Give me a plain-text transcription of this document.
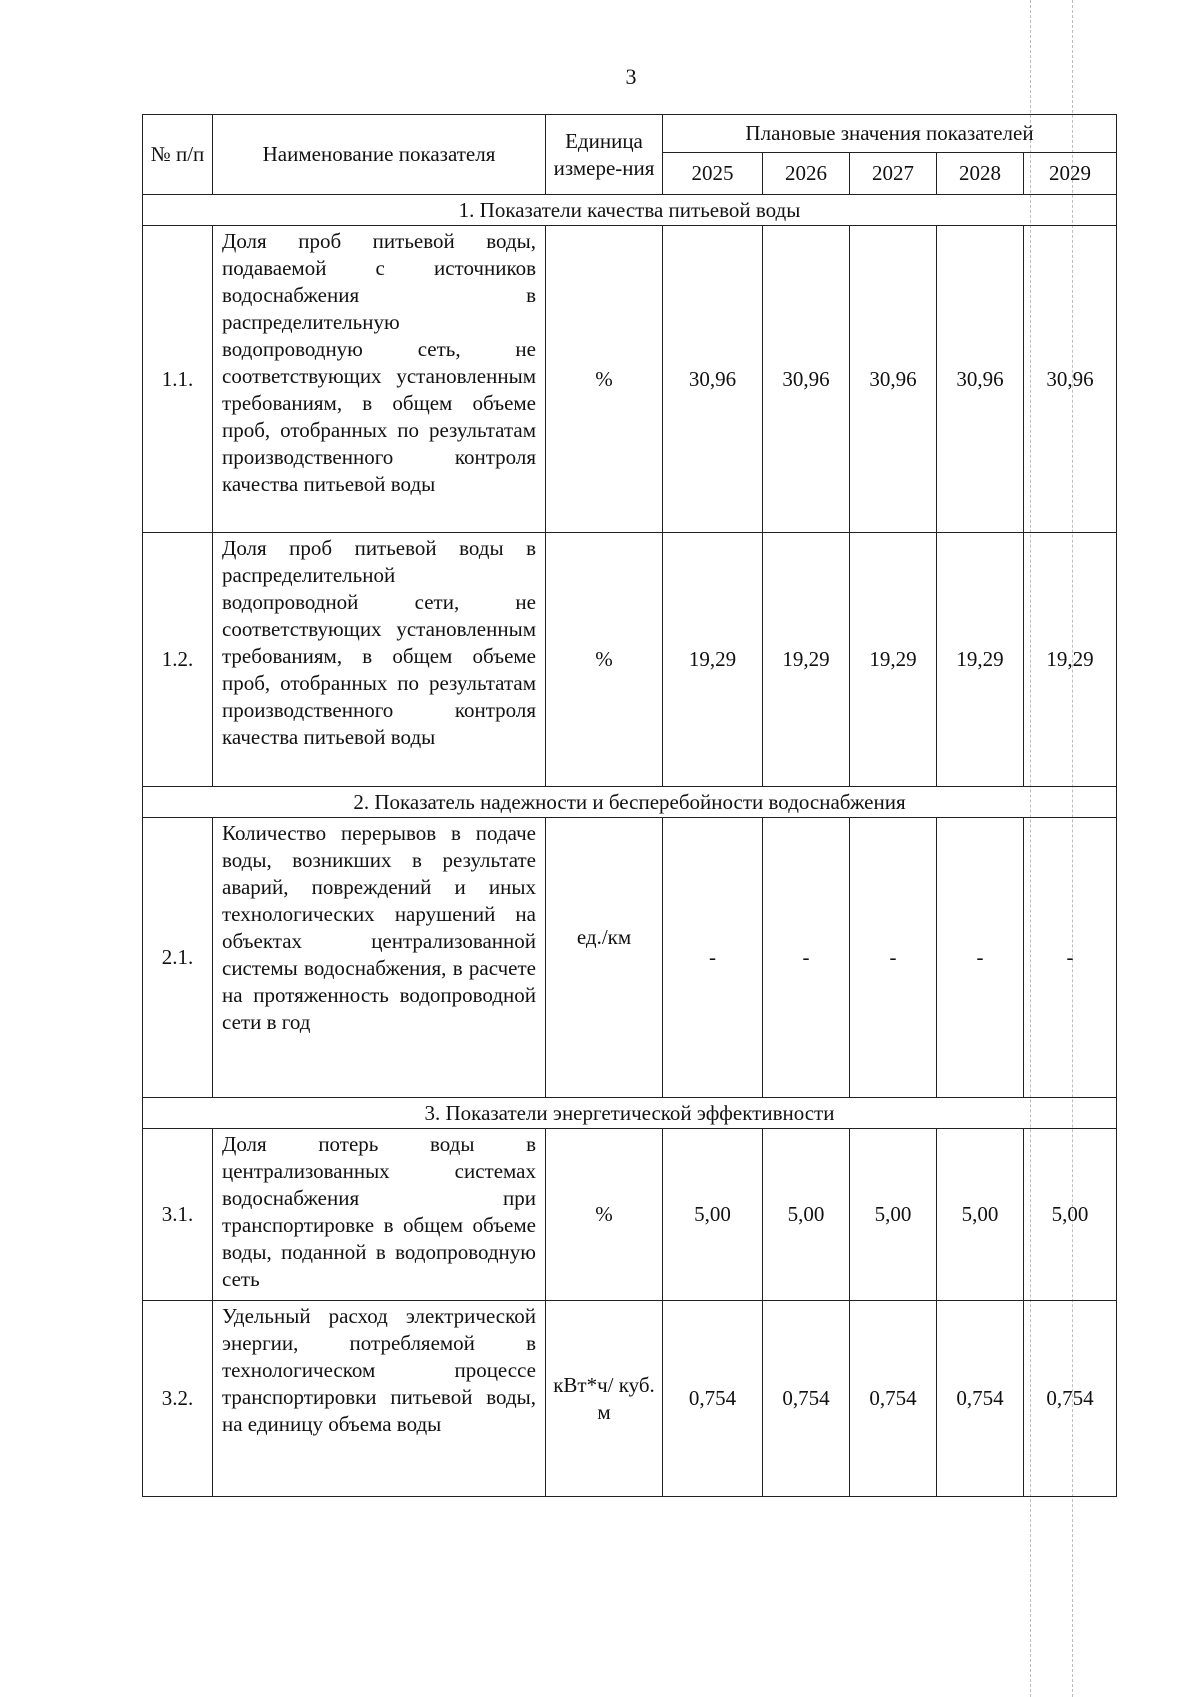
3
№ п/п	Наименование показателя	Единица измере-ния	Плановые значения показателей				
			2025	2026	2027	2028	2029
1. Показатели качества питьевой воды							
1.1.	Доля проб питьевой воды, подаваемой с источников водоснабжения в распределительную водопроводную сеть, не соответствующих установленным требованиям, в общем объеме проб, отобранных по результатам производственного контроля качества питьевой воды	%	30,96	30,96	30,96	30,96	30,96
1.2.	Доля проб питьевой воды в распределительной водопроводной сети, не соответствующих установленным требованиям, в общем объеме проб, отобранных по результатам производственного контроля качества питьевой воды	%	19,29	19,29	19,29	19,29	19,29
2. Показатель надежности и бесперебойности водоснабжения							
2.1.	Количество перерывов в подаче воды, возникших в результате аварий, повреждений и иных технологических нарушений на объектах централизованной системы водоснабжения, в расчете на протяженность водопроводной сети в год	ед./км	-	-	-	-	-
3. Показатели энергетической эффективности							
3.1.	Доля потерь воды в централизованных системах водоснабжения при транспортировке в общем объеме воды, поданной в водопроводную сеть	%	5,00	5,00	5,00	5,00	5,00
3.2.	Удельный расход электрической энергии, потребляемой в технологическом процессе транспортировки питьевой воды, на единицу объема воды	кВт*ч/ куб. м	0,754	0,754	0,754	0,754	0,754
